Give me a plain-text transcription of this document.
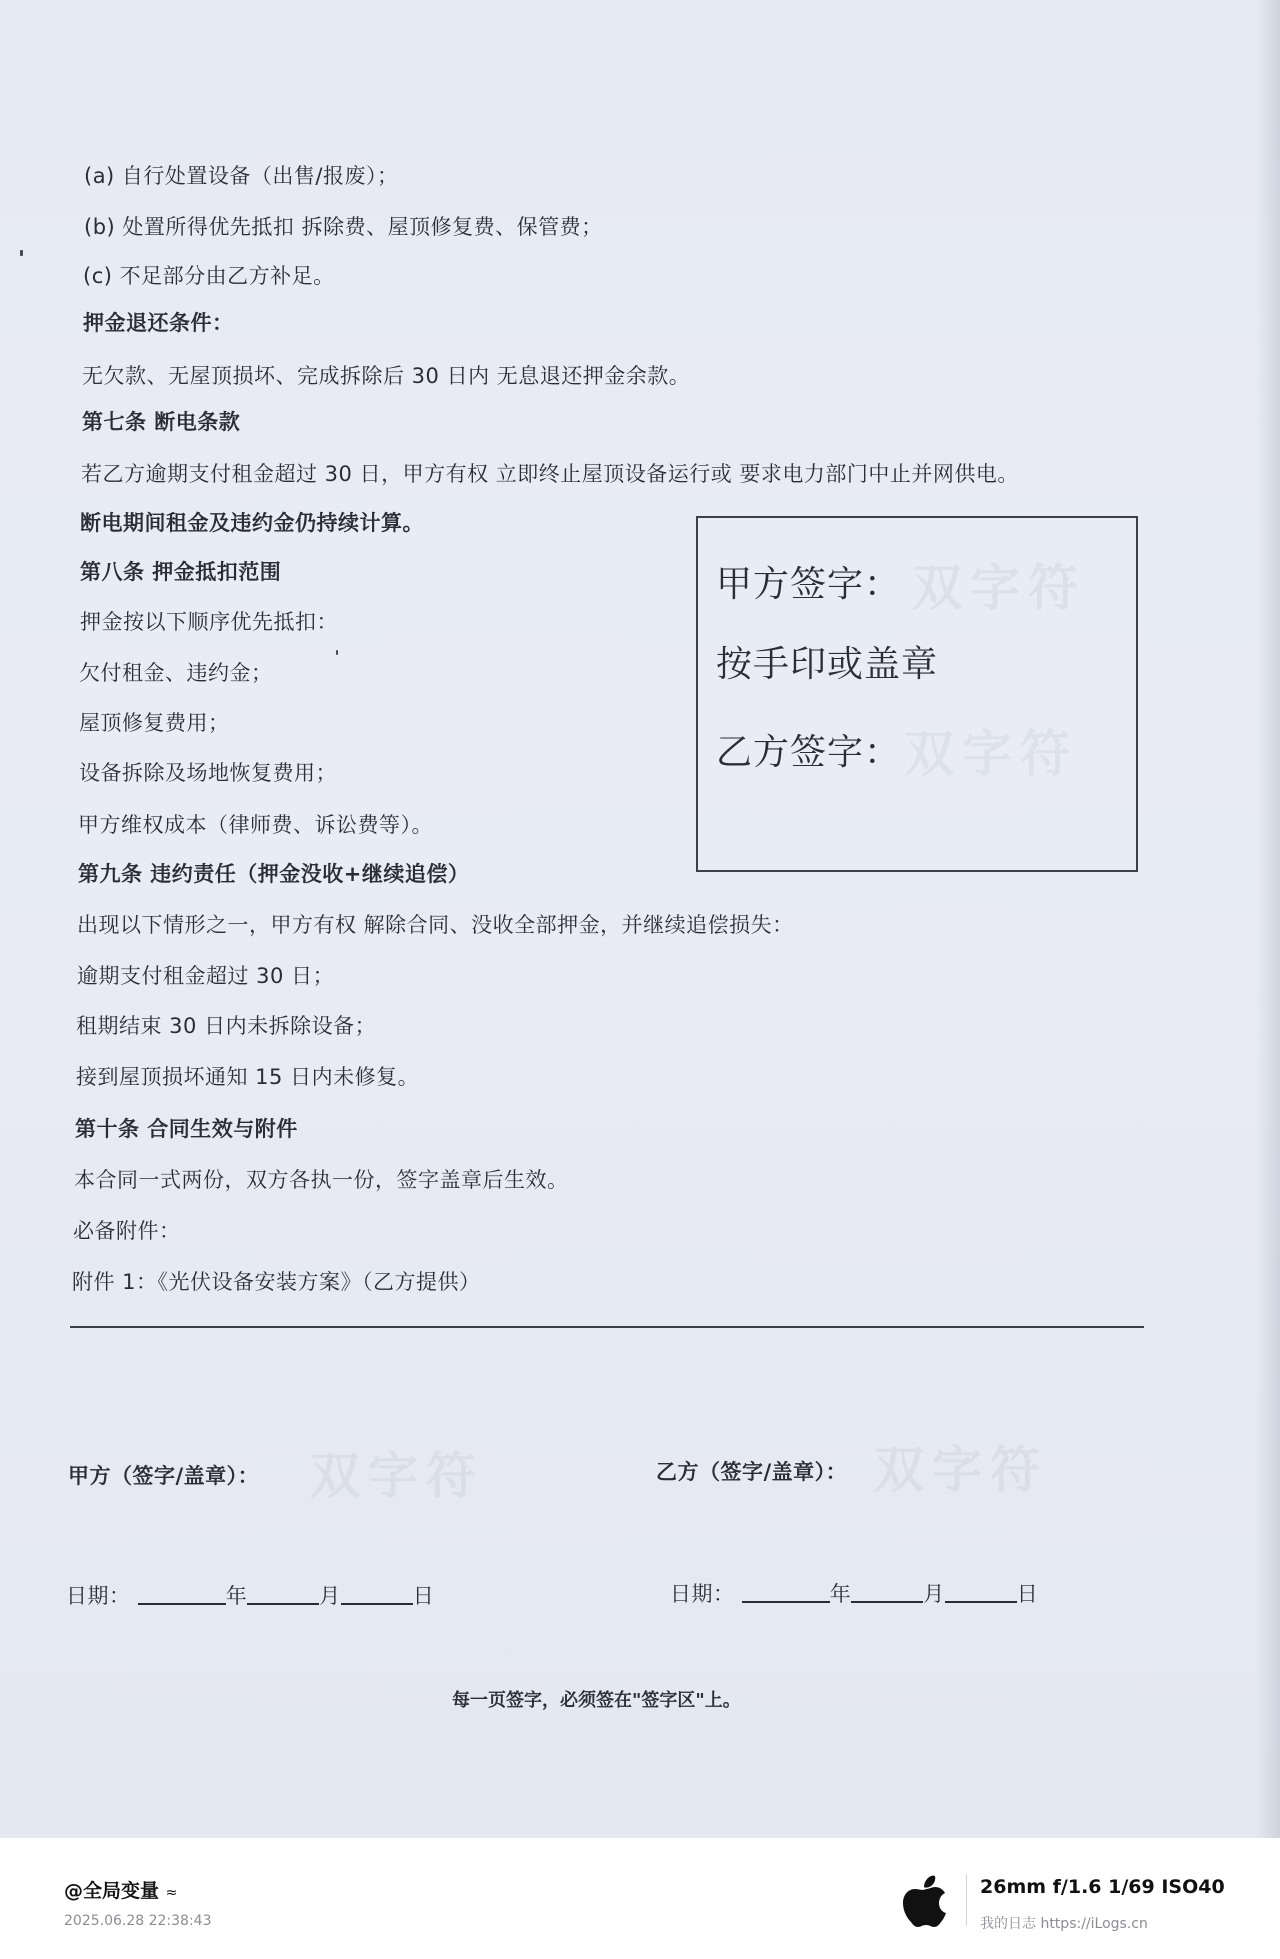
(a) 自行处置设备（出售/报废）；
(b) 处置所得优先抵扣 拆除费、屋顶修复费、保管费；
(c) 不足部分由乙方补足。
押金退还条件：
无欠款、无屋顶损坏、完成拆除后 30 日内 无息退还押金余款。
第七条 断电条款
若乙方逾期支付租金超过 30 日，甲方有权 立即终止屋顶设备运行或 要求电力部门中止并网供电。
断电期间租金及违约金仍持续计算。
第八条 押金抵扣范围
押金按以下顺序优先抵扣：
欠付租金、违约金；
屋顶修复费用；
设备拆除及场地恢复费用；
甲方维权成本（律师费、诉讼费等）。
第九条 违约责任（押金没收+继续追偿）
出现以下情形之一，甲方有权 解除合同、没收全部押金，并继续追偿损失：
逾期支付租金超过 30 日；
租期结束 30 日内未拆除设备；
接到屋顶损坏通知 15 日内未修复。
第十条 合同生效与附件
本合同一式两份，双方各执一份，签字盖章后生效。
必备附件：
附件 1：《光伏设备安装方案》（乙方提供）
甲方签字：
按手印或盖章
乙方签字：
双字符
双字符
甲方（签字/盖章）： 双字符	乙方（签字/盖章）： 双字符
日期：	年	月	日	日期：	年	月	日
每一页签字，必须签在"签字区"上。
@全局变量 ≈
2025.06.28 22:38:43
26mm f/1.6 1/69 ISO40
我的日志 https://iLogs.cn
